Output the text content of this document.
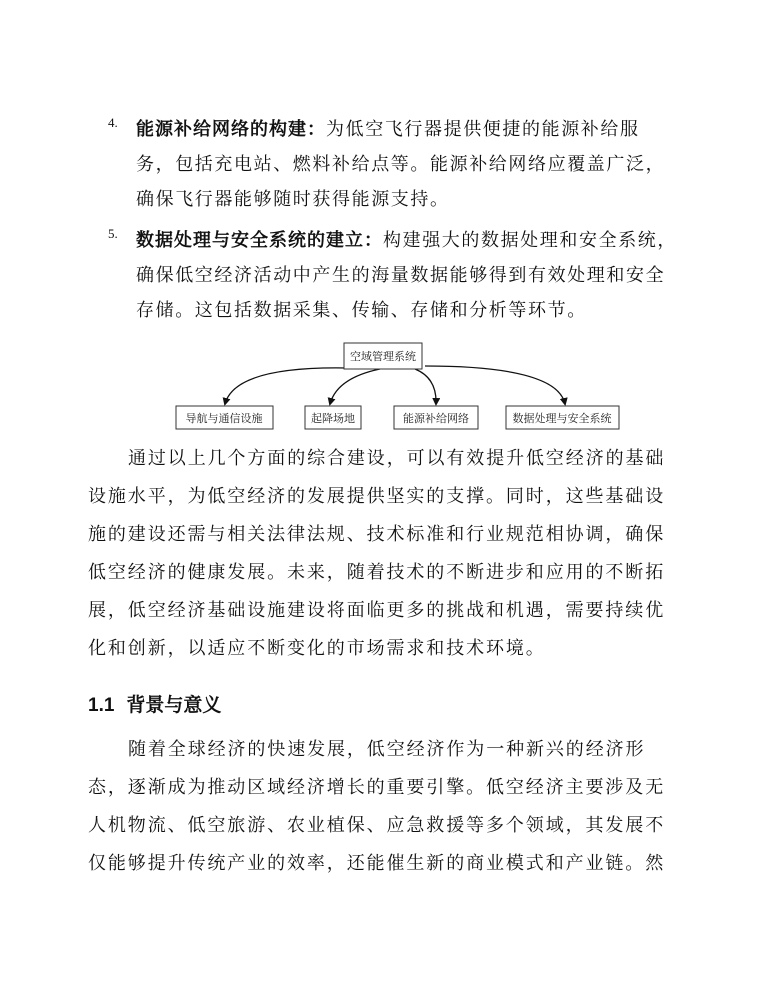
4. 能源补给网络的构建：为低空飞行器提供便捷的能源补给服务，包括充电站、燃料补给点等。能源补给网络应覆盖广泛，确保飞行器能够随时获得能源支持。
5. 数据处理与安全系统的建立：构建强大的数据处理和安全系统，确保低空经济活动中产生的海量数据能够得到有效处理和安全存储。这包括数据采集、传输、存储和分析等环节。
空域管理系统
导航与通信设施	起降场地	能源补给网络	数据处理与安全系统

通过以上几个方面的综合建设，可以有效提升低空经济的基础设施水平，为低空经济的发展提供坚实的支撑。同时，这些基础设施的建设还需与相关法律法规、技术标准和行业规范相协调，确保低空经济的健康发展。未来，随着技术的不断进步和应用的不断拓展，低空经济基础设施建设将面临更多的挑战和机遇，需要持续优化和创新，以适应不断变化的市场需求和技术环境。

1.1 背景与意义

随着全球经济的快速发展，低空经济作为一种新兴的经济形态，逐渐成为推动区域经济增长的重要引擎。低空经济主要涉及无人机物流、低空旅游、农业植保、应急救援等多个领域，其发展不仅能够提升传统产业的效率，还能催生新的商业模式和产业链。然
